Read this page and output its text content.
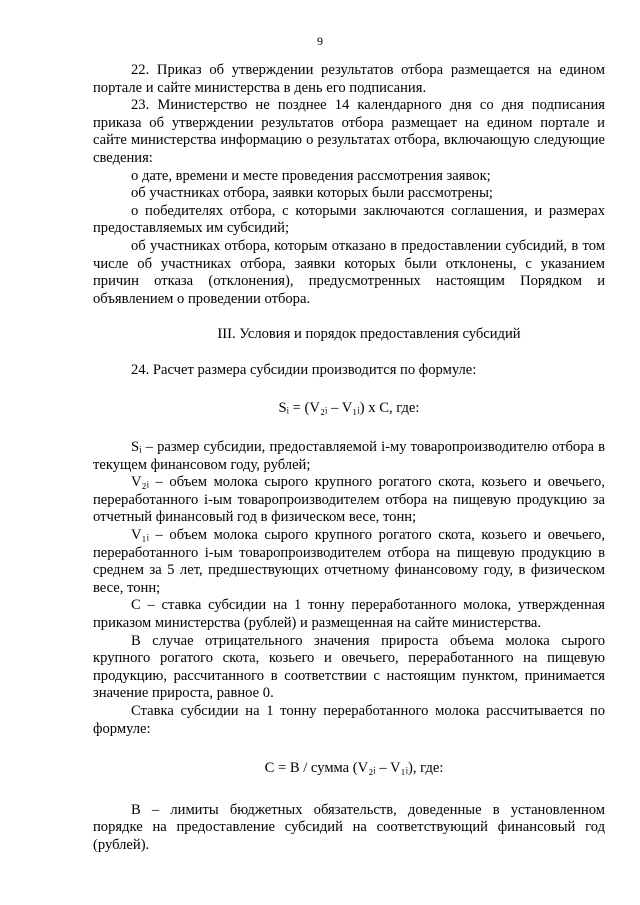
9

22. Приказ об утверждении результатов отбора размещается на едином портале и сайте министерства в день его подписания.

23. Министерство не позднее 14 календарного дня со дня подписания приказа об утверждении результатов отбора размещает на едином портале и сайте министерства информацию о результатах отбора, включающую следующие сведения:

о дате, времени и месте проведения рассмотрения заявок;

об участниках отбора, заявки которых были рассмотрены;

о победителях отбора, с которыми заключаются соглашения, и размерах предоставляемых им субсидий;

об участниках отбора, которым отказано в предоставлении субсидий, в том числе об участниках отбора, заявки которых были отклонены, с указанием причин отказа (отклонения), предусмотренных настоящим Порядком и объявлением о проведении отбора.

III. Условия и порядок предоставления субсидий

24. Расчет размера субсидии производится по формуле:

Sᵢ = (V₂ᵢ – V₁ᵢ) х С, где:

Sᵢ – размер субсидии, предоставляемой i-му товаропроизводителю отбора в текущем финансовом году, рублей;

V₂ᵢ – объем молока сырого крупного рогатого скота, козьего и овечьего, переработанного i-ым товаропроизводителем отбора на пищевую продукцию за отчетный финансовый год в физическом весе, тонн;

V₁ᵢ – объем молока сырого крупного рогатого скота, козьего и овечьего, переработанного i-ым товаропроизводителем отбора на пищевую продукцию в среднем за 5 лет, предшествующих отчетному финансовому году, в физическом весе, тонн;

С – ставка субсидии на 1 тонну переработанного молока, утвержденная приказом министерства (рублей) и размещенная на сайте министерства.

В случае отрицательного значения прироста объема молока сырого крупного рогатого скота, козьего и овечьего, переработанного на пищевую продукцию, рассчитанного в соответствии с настоящим пунктом, принимается значение прироста, равное 0.

Ставка субсидии на 1 тонну переработанного молока рассчитывается по формуле:

С = В / сумма (V₂ᵢ – V₁ᵢ), где:

В – лимиты бюджетных обязательств, доведенные в установленном порядке на предоставление субсидий на соответствующий финансовый год (рублей).
